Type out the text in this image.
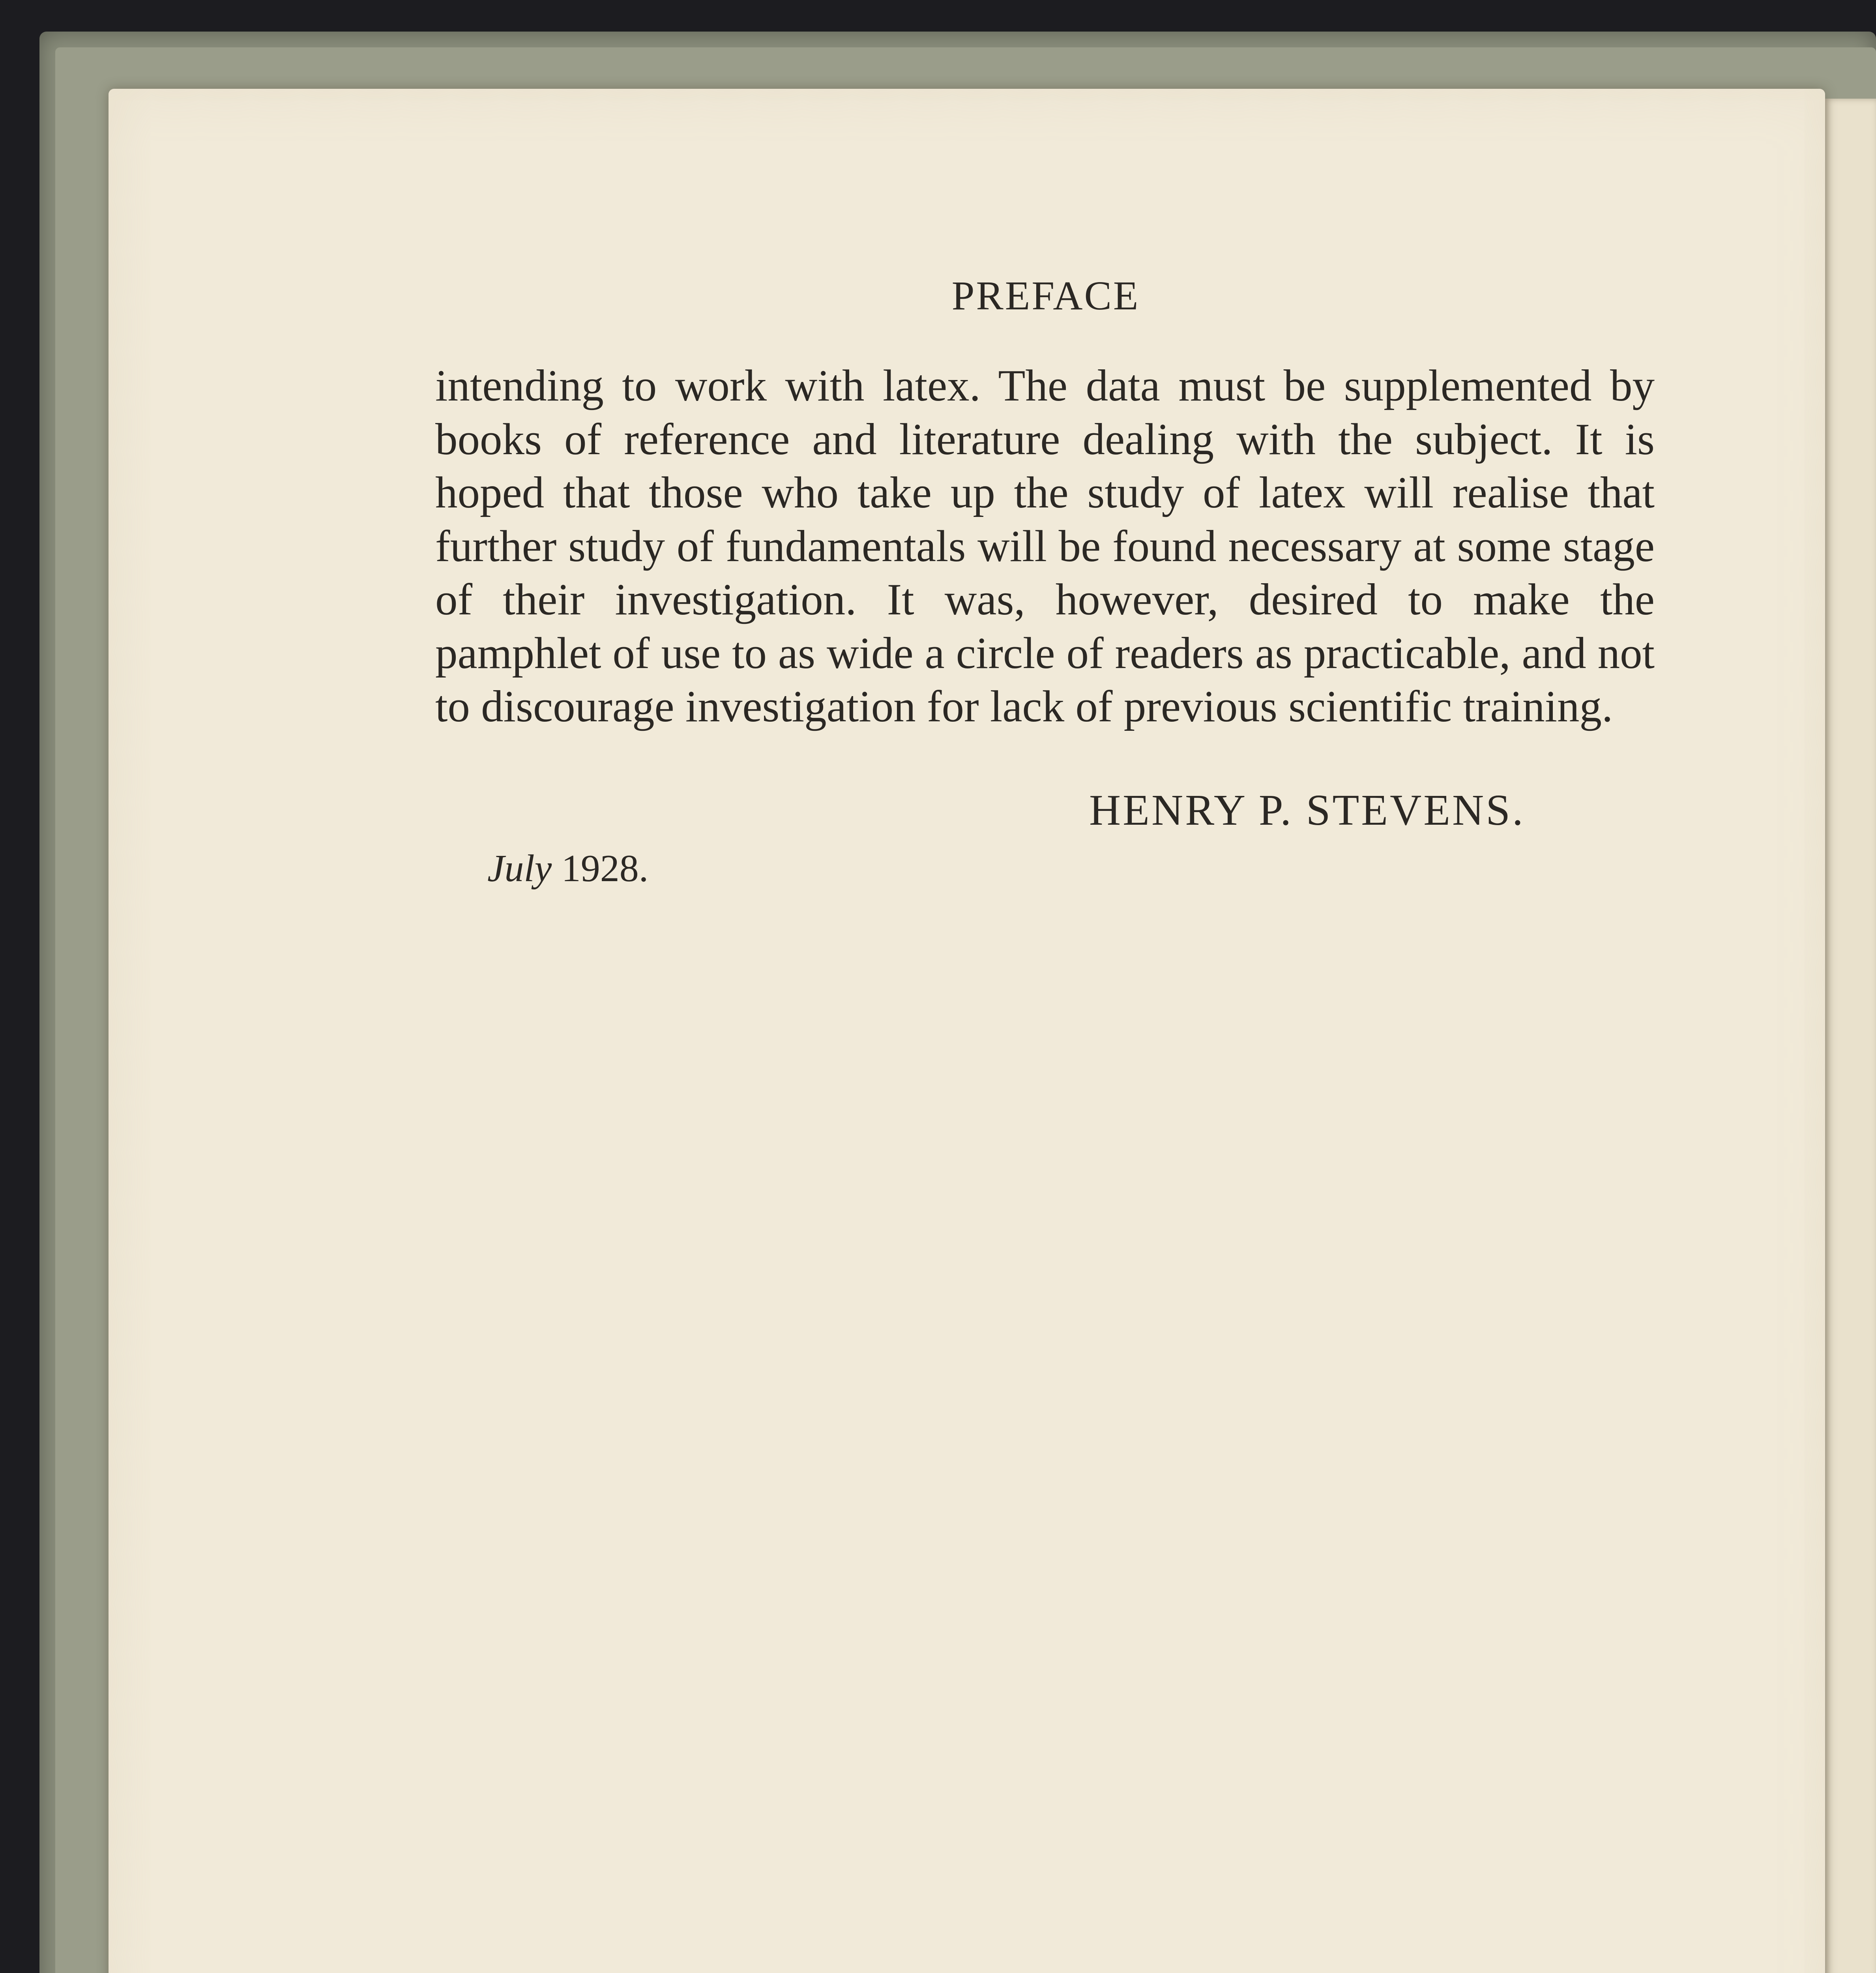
PREFACE
intending to work with latex. The data must be supplemented by books of reference and literature dealing with the subject. It is hoped that those who take up the study of latex will realise that further study of fundamentals will be found necessary at some stage of their investigation. It was, however, desired to make the pamphlet of use to as wide a circle of readers as practicable, and not to discourage investigation for lack of previous scientific training.
HENRY P. STEVENS.
July 1928.
